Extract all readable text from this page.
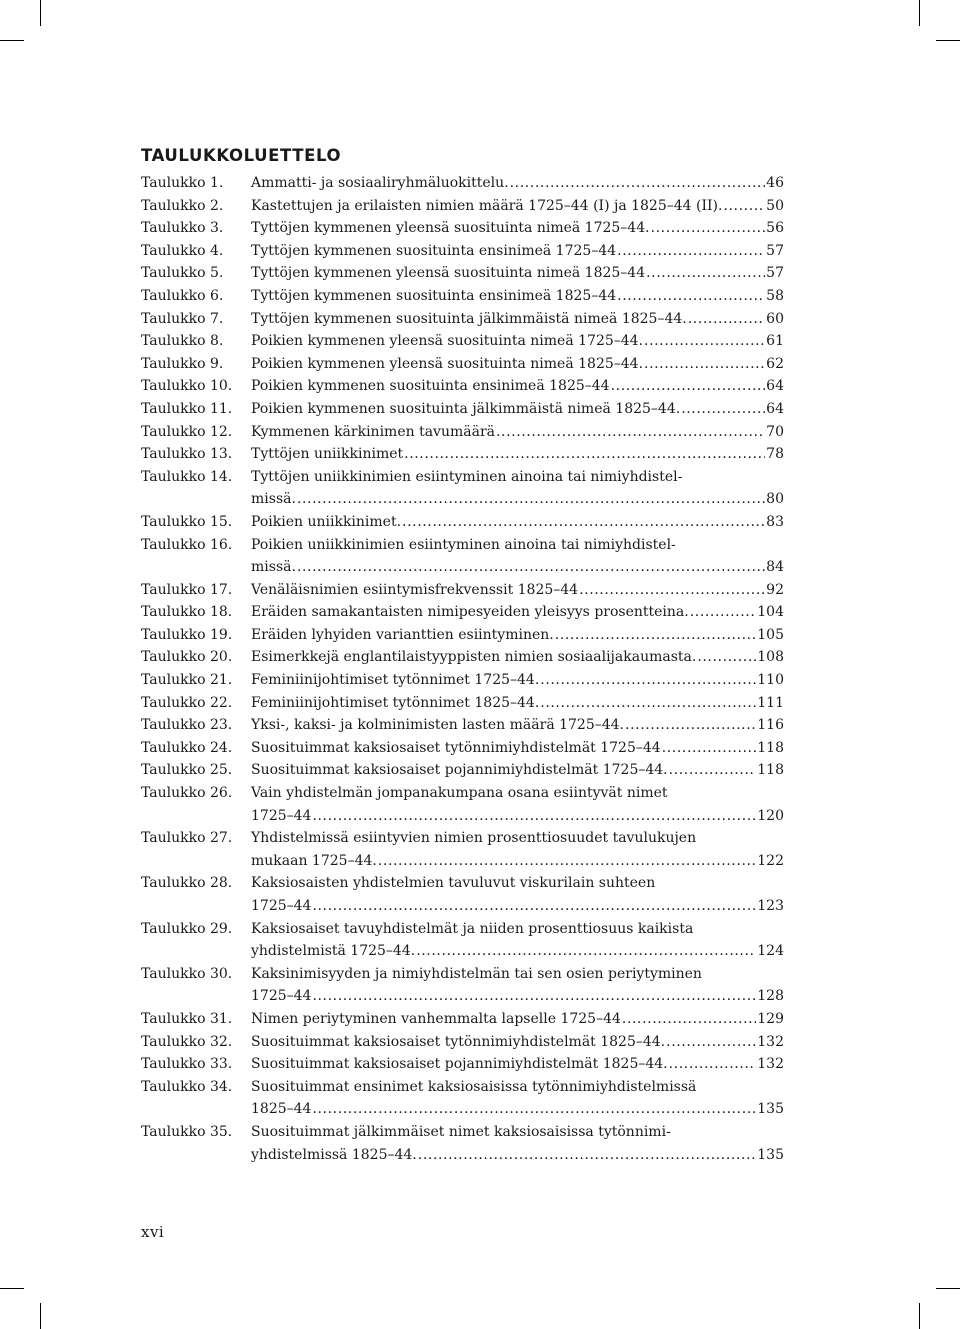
TAULUKKOLUETTELO
Taulukko 1. Ammatti- ja sosiaaliryhmäluokittelu. .....	46
Taulukko 2. Kastettujen ja erilaisten nimien määrä 1725–44 (I) ja 1825–44 (II). .....	50
Taulukko 3. Tyttöjen kymmenen yleensä suosituinta nimeä 1725–44. .....	56
Taulukko 4. Tyttöjen kymmenen suosituinta ensinimeä 1725–44 .....	57
Taulukko 5. Tyttöjen kymmenen yleensä suosituinta nimeä 1825–44 .....	57
Taulukko 6. Tyttöjen kymmenen suosituinta ensinimeä 1825–44 .....	58
Taulukko 7. Tyttöjen kymmenen suosituinta jälkimmäistä nimeä 1825–44. .....	60
Taulukko 8. Poikien kymmenen yleensä suosituinta nimeä 1725–44. .....	61
Taulukko 9. Poikien kymmenen yleensä suosituinta nimeä 1825–44. .....	62
Taulukko 10. Poikien kymmenen suosituinta ensinimeä 1825–44 .....	64
Taulukko 11. Poikien kymmenen suosituinta jälkimmäistä nimeä 1825–44. .....	64
Taulukko 12. Kymmenen kärkinimen tavumäärä .....	70
Taulukko 13. Tyttöjen uniikkinimet .....	78
Taulukko 14. Tyttöjen uniikkinimien esiintyminen ainoina tai nimiyhdistel-
missä. .....	80
Taulukko 15. Poikien uniikkinimet. .....	83
Taulukko 16. Poikien uniikkinimien esiintyminen ainoina tai nimiyhdistel-
missä. .....	84
Taulukko 17. Venäläisnimien esiintymisfrekvenssit 1825–44 .....	92
Taulukko 18. Eräiden samakantaisten nimipesyeiden yleisyys prosentteina. .....	104
Taulukko 19. Eräiden lyhyiden varianttien esiintyminen. .....	105
Taulukko 20. Esimerkkejä englantilaistyyppisten nimien sosiaalijakaumasta. .....	108
Taulukko 21. Feminiinijohtimiset tytönnimet 1725–44. .....	110
Taulukko 22. Feminiinijohtimiset tytönnimet 1825–44. .....	111
Taulukko 23. Yksi-, kaksi- ja kolminimisten lasten määrä 1725–44. .....	116
Taulukko 24. Suosituimmat kaksiosaiset tytönnimiyhdistelmät 1725–44 .....	118
Taulukko 25. Suosituimmat kaksiosaiset pojannimiyhdistelmät 1725–44. .....	118
Taulukko 26. Vain yhdistelmän jompanakumpana osana esiintyvät nimet
1725–44 .....	120
Taulukko 27. Yhdistelmissä esiintyvien nimien prosenttiosuudet tavulukujen
mukaan 1725–44. .....	122
Taulukko 28. Kaksiosaisten yhdistelmien tavuluvut viskurilain suhteen
1725–44 .....	123
Taulukko 29. Kaksiosaiset tavuyhdistelmät ja niiden prosenttiosuus kaikista
yhdistelmistä 1725–44. .....	124
Taulukko 30. Kaksinimisyyden ja nimiyhdistelmän tai sen osien periytyminen
1725–44 .....	128
Taulukko 31. Nimen periytyminen vanhemmalta lapselle 1725–44 .....	129
Taulukko 32. Suosituimmat kaksiosaiset tytönnimiyhdistelmät 1825–44. .....	132
Taulukko 33. Suosituimmat kaksiosaiset pojannimiyhdistelmät 1825–44. .....	132
Taulukko 34. Suosituimmat ensinimet kaksiosaisissa tytönnimiyhdistelmissä
1825–44 .....	135
Taulukko 35. Suosituimmat jälkimmäiset nimet kaksiosaisissa tytönnimi-
yhdistelmissä 1825–44. .....	135
xvi
